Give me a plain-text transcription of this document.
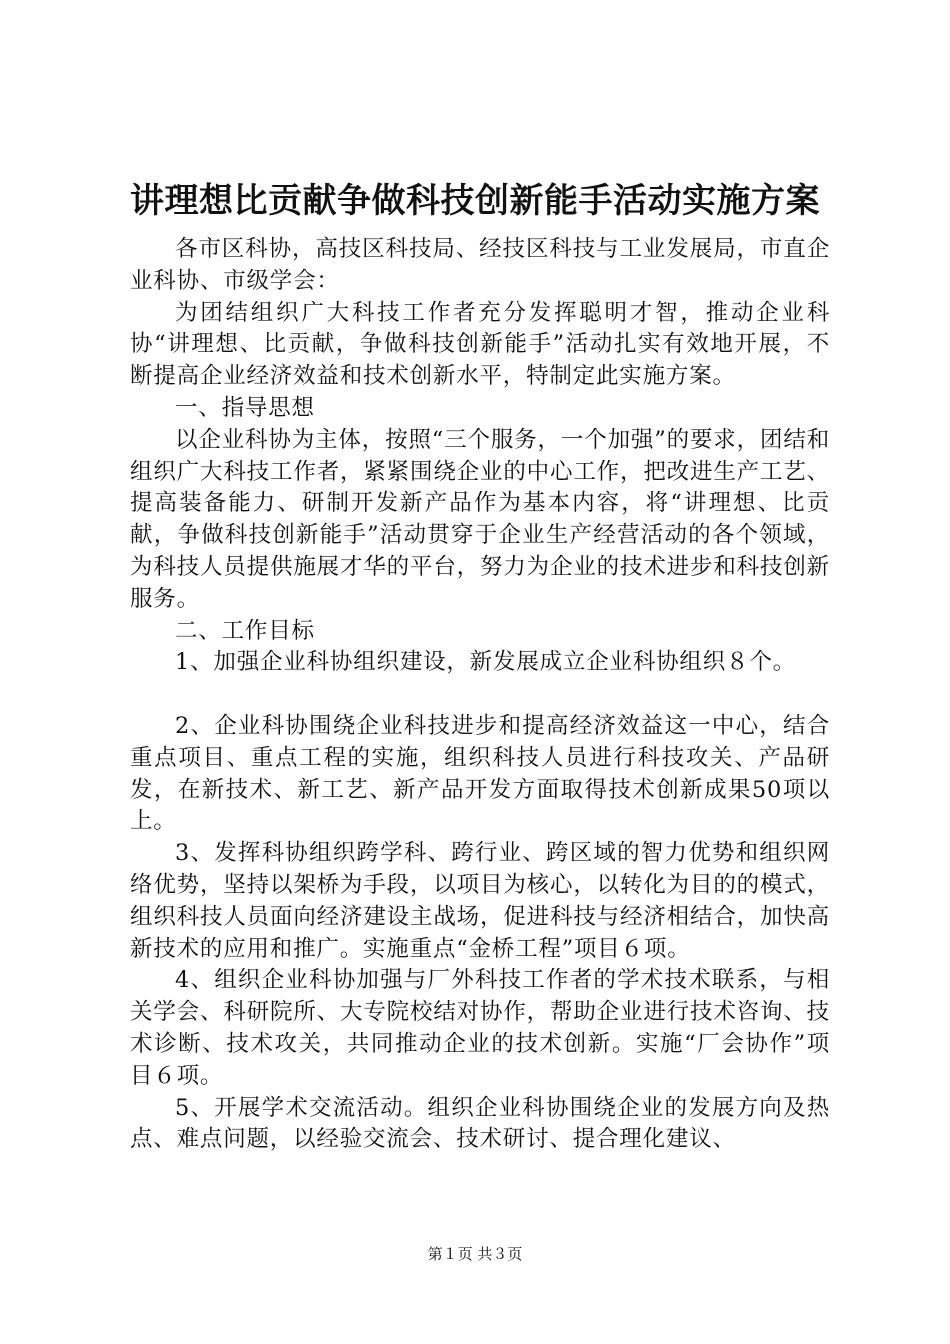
讲理想比贡献争做科技创新能手活动实施方案

各市区科协，高技区科技局、经技区科技与工业发展局，市直企业科协、市级学会：

为团结组织广大科技工作者充分发挥聪明才智，推动企业科协“讲理想、比贡献，争做科技创新能手”活动扎实有效地开展，不断提高企业经济效益和技术创新水平，特制定此实施方案。

一、指导思想

以企业科协为主体，按照“三个服务，一个加强”的要求，团结和组织广大科技工作者，紧紧围绕企业的中心工作，把改进生产工艺、提高装备能力、研制开发新产品作为基本内容，将“讲理想、比贡献，争做科技创新能手”活动贯穿于企业生产经营活动的各个领域，为科技人员提供施展才华的平台，努力为企业的技术进步和科技创新服务。

二、工作目标

1、加强企业科协组织建设，新发展成立企业科协组织８个。

2、企业科协围绕企业科技进步和提高经济效益这一中心，结合重点项目、重点工程的实施，组织科技人员进行科技攻关、产品研发，在新技术、新工艺、新产品开发方面取得技术创新成果50项以上。

3、发挥科协组织跨学科、跨行业、跨区域的智力优势和组织网络优势，坚持以架桥为手段，以项目为核心，以转化为目的的模式，组织科技人员面向经济建设主战场，促进科技与经济相结合，加快高新技术的应用和推广。实施重点“金桥工程”项目６项。

4、组织企业科协加强与厂外科技工作者的学术技术联系，与相关学会、科研院所、大专院校结对协作，帮助企业进行技术咨询、技术诊断、技术攻关，共同推动企业的技术创新。实施“厂会协作”项目６项。

5、开展学术交流活动。组织企业科协围绕企业的发展方向及热点、难点问题，以经验交流会、技术研讨、提合理化建议、

第１页 共３页
